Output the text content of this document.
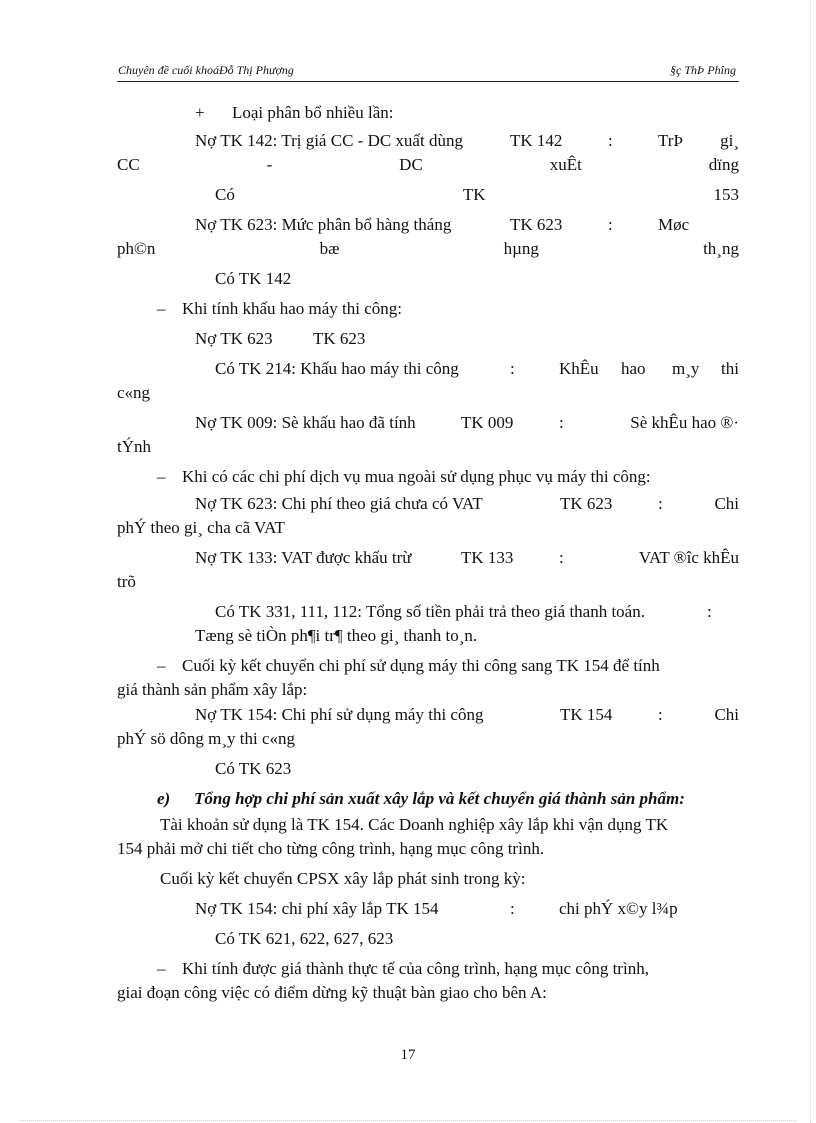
Chuyên đề cuối khoáĐỗ Thị Phượng	§ç ThÞ Phîng
+ Loại phân bổ nhiều lần:
Nợ TK 142: Trị giá CC - DC xuất dùng	TK 142	:	TrÞ gi¸
CC	-	DC	xuÊt	dïng
Có	TK	153
Nợ TK 623: Mức phân bổ hàng tháng	TK 623	:	Møc
ph©n	bæ	hµng	th¸ng
Có TK 142
– Khi tính khấu hao máy thi công:
Nợ TK 623 TK 623
Có TK 214: Khấu hao máy thi công	:	KhÊu hao m¸y thi
c«ng
Nợ TK 009: Sè khấu hao đã tính	TK 009	:	Sè khÊu hao ®·
tÝnh
– Khi có các chi phí dịch vụ mua ngoài sử dụng phục vụ máy thi công:
Nợ TK 623: Chi phí theo giá chưa có VAT	TK 623	:	Chi
phÝ theo gi¸ cha cã VAT
Nợ TK 133: VAT được khấu trừ	TK 133	:	VAT ®îc khÊu
trõ
Có TK 331, 111, 112: Tổng số tiền phải trả theo giá thanh toán.	:
Tæng sè tiÒn ph¶i tr¶ theo gi¸ thanh to¸n.
– Cuối kỳ kết chuyển chi phí sử dụng máy thi công sang TK 154 để tính
giá thành sản phẩm xây lắp:
Nợ TK 154: Chi phí sử dụng máy thi công	TK 154	:	Chi
phÝ sö dông m¸y thi c«ng
Có TK 623
e) Tổng hợp chi phí sản xuất xây lắp và kết chuyển giá thành sản phẩm:
Tài khoản sử dụng là TK 154. Các Doanh nghiệp xây lắp khi vận dụng TK
154 phải mở chi tiết cho từng công trình, hạng mục công trình.
Cuối kỳ kết chuyển CPSX xây lắp phát sinh trong kỳ:
Nợ TK 154: chi phí xây lắp TK 154	:	chi phÝ x©y l¾p
Có TK 621, 622, 627, 623
– Khi tính được giá thành thực tế của công trình, hạng mục công trình,
giai đoạn công việc có điểm dừng kỹ thuật bàn giao cho bên A:
17
